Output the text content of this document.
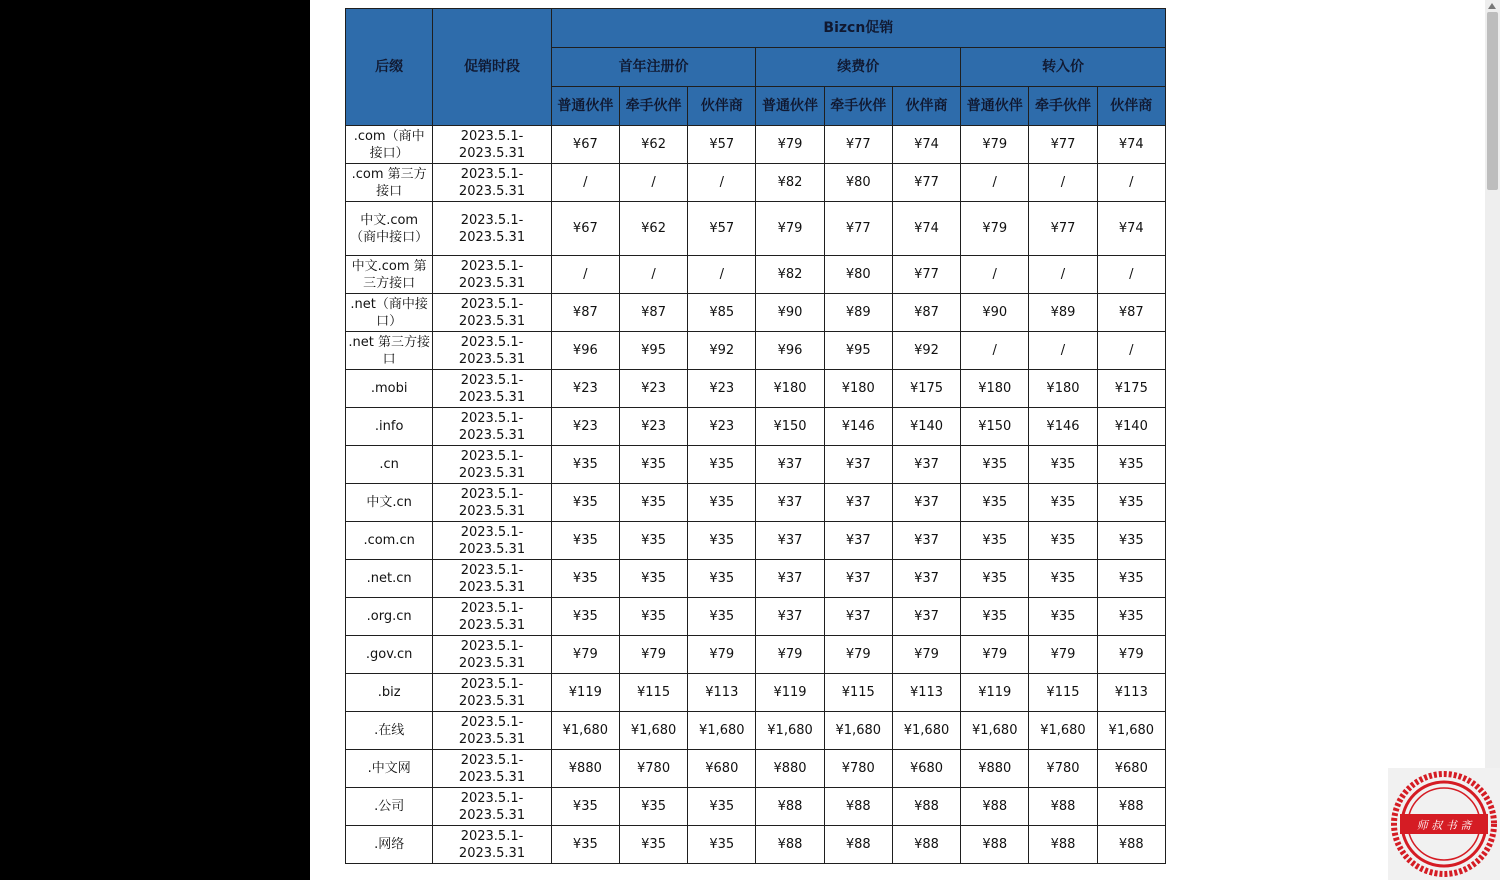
后缀	促销时段	Bizcn促销								
		首年注册价			续费价			转入价		
		普通伙伴	牵手伙伴	伙伴商	普通伙伴	牵手伙伴	伙伴商	普通伙伴	牵手伙伴	伙伴商
.com（商中接口）	2023.5.1-2023.5.31	¥67	¥62	¥57	¥79	¥77	¥74	¥79	¥77	¥74
.com 第三方接口	2023.5.1-2023.5.31	/	/	/	¥82	¥80	¥77	/	/	/
中文.com（商中接口）	2023.5.1-2023.5.31	¥67	¥62	¥57	¥79	¥77	¥74	¥79	¥77	¥74
中文.com 第三方接口	2023.5.1-2023.5.31	/	/	/	¥82	¥80	¥77	/	/	/
.net（商中接口）	2023.5.1-2023.5.31	¥87	¥87	¥85	¥90	¥89	¥87	¥90	¥89	¥87
.net 第三方接口	2023.5.1-2023.5.31	¥96	¥95	¥92	¥96	¥95	¥92	/	/	/
.mobi	2023.5.1-2023.5.31	¥23	¥23	¥23	¥180	¥180	¥175	¥180	¥180	¥175
.info	2023.5.1-2023.5.31	¥23	¥23	¥23	¥150	¥146	¥140	¥150	¥146	¥140
.cn	2023.5.1-2023.5.31	¥35	¥35	¥35	¥37	¥37	¥37	¥35	¥35	¥35
中文.cn	2023.5.1-2023.5.31	¥35	¥35	¥35	¥37	¥37	¥37	¥35	¥35	¥35
.com.cn	2023.5.1-2023.5.31	¥35	¥35	¥35	¥37	¥37	¥37	¥35	¥35	¥35
.net.cn	2023.5.1-2023.5.31	¥35	¥35	¥35	¥37	¥37	¥37	¥35	¥35	¥35
.org.cn	2023.5.1-2023.5.31	¥35	¥35	¥35	¥37	¥37	¥37	¥35	¥35	¥35
.gov.cn	2023.5.1-2023.5.31	¥79	¥79	¥79	¥79	¥79	¥79	¥79	¥79	¥79
.biz	2023.5.1-2023.5.31	¥119	¥115	¥113	¥119	¥115	¥113	¥119	¥115	¥113
.在线	2023.5.1-2023.5.31	¥1,680	¥1,680	¥1,680	¥1,680	¥1,680	¥1,680	¥1,680	¥1,680	¥1,680
.中文网	2023.5.1-2023.5.31	¥880	¥780	¥680	¥880	¥780	¥680	¥880	¥780	¥680
.公司	2023.5.1-2023.5.31	¥35	¥35	¥35	¥88	¥88	¥88	¥88	¥88	¥88
.网络	2023.5.1-2023.5.31	¥35	¥35	¥35	¥88	¥88	¥88	¥88	¥88	¥88
师 叔 书 斋
